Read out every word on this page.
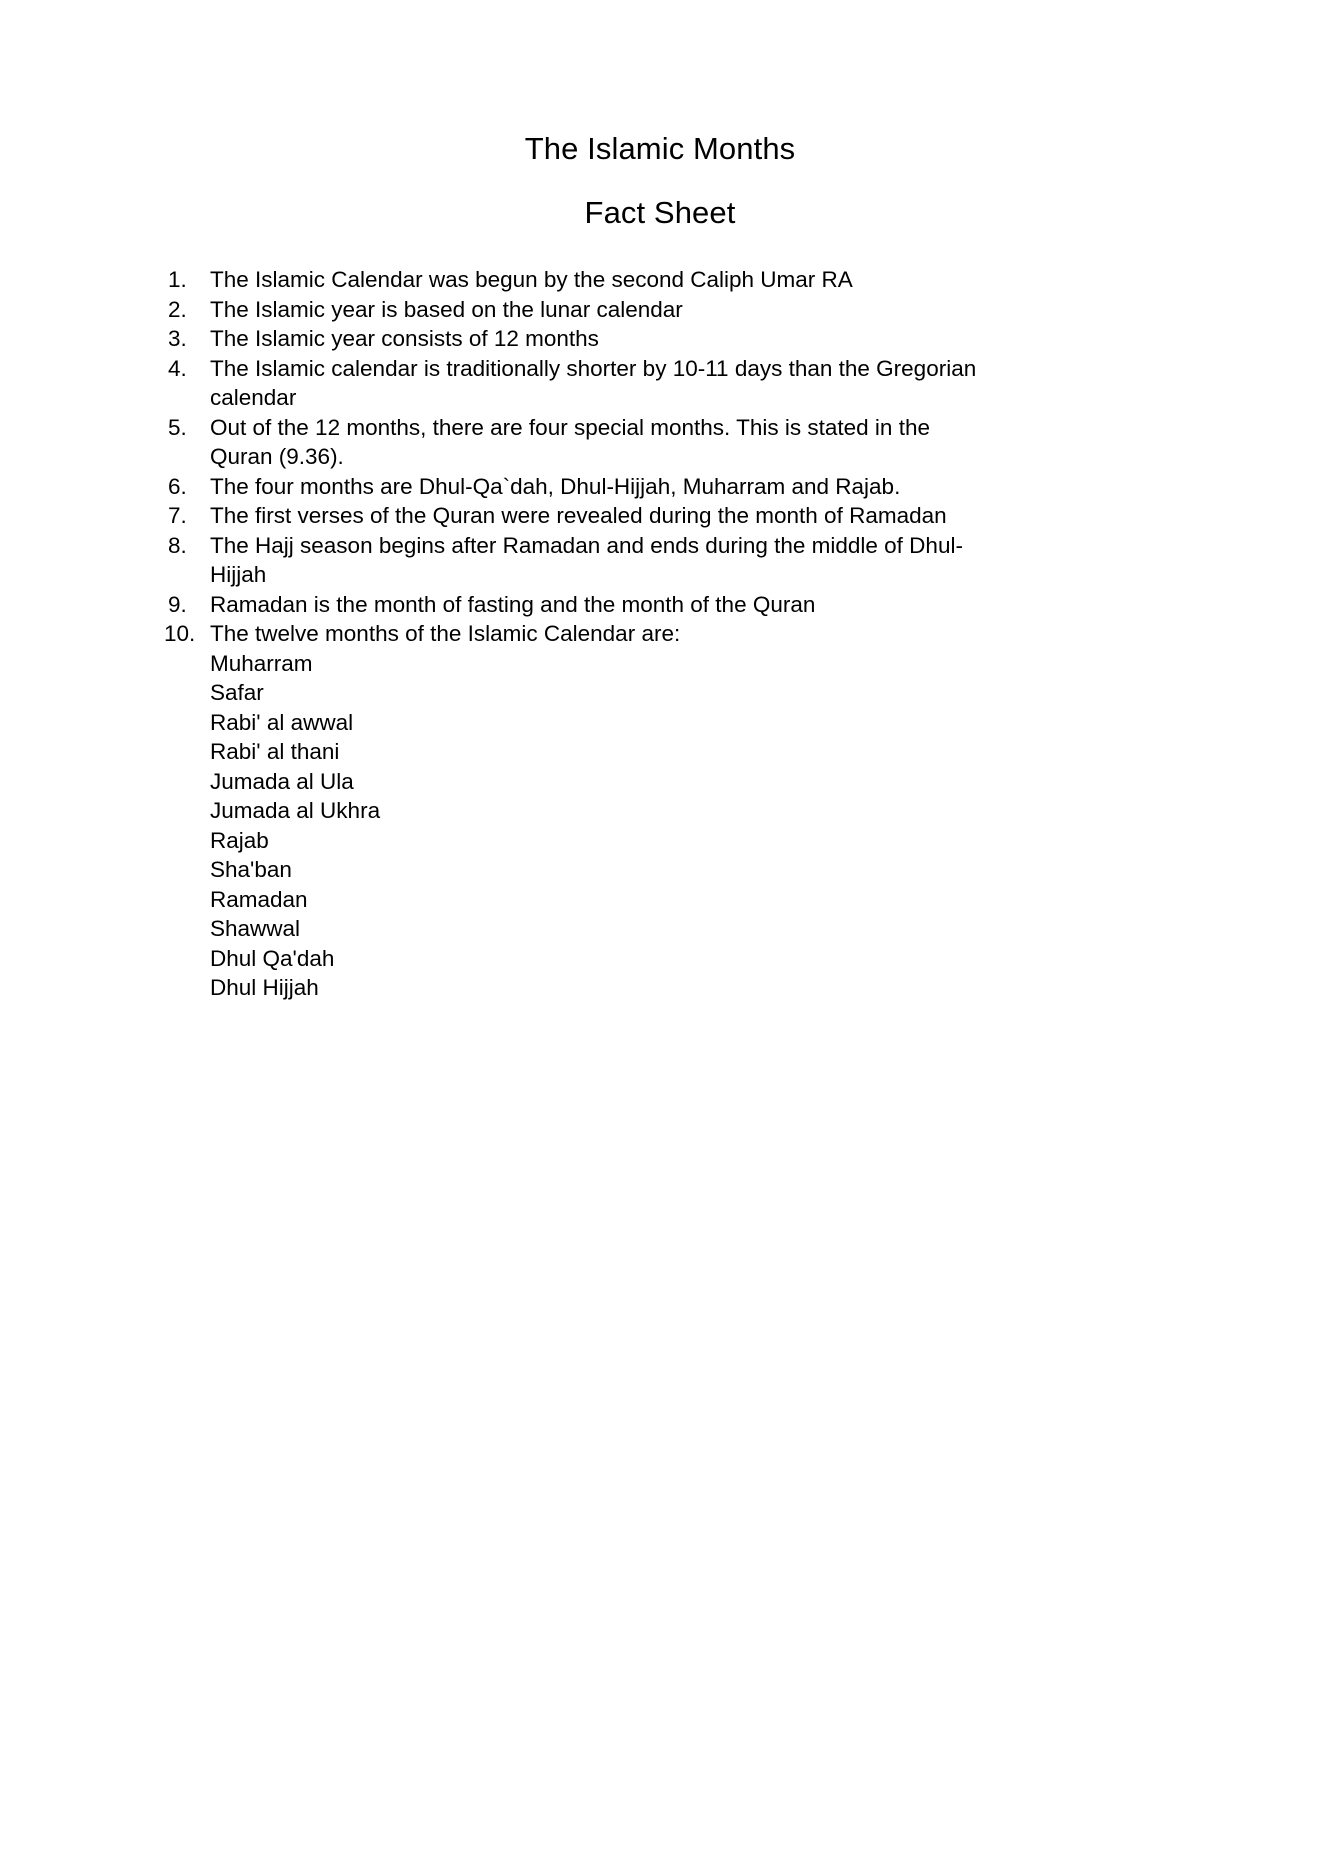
The Islamic Months
Fact Sheet
1.	The Islamic Calendar was begun by the second Caliph Umar RA
2.	The Islamic year is based on the lunar calendar
3.	The Islamic year consists of 12 months
4.	The Islamic calendar is traditionally shorter by 10-11 days than the Gregorian calendar
5.	Out of the 12 months, there are four special months. This is stated in the Quran (9.36).
6.	The four months are Dhul-Qa`dah, Dhul-Hijjah, Muharram and Rajab.
7.	The first verses of the Quran were revealed during the month of Ramadan
8.	The Hajj season begins after Ramadan and ends during the middle of Dhul-Hijjah
9.	Ramadan is the month of fasting and the month of the Quran
10. The twelve months of the Islamic Calendar are:
Muharram
Safar
Rabi' al awwal
Rabi' al thani
Jumada al Ula
Jumada al Ukhra
Rajab
Sha'ban
Ramadan
Shawwal
Dhul Qa'dah
Dhul Hijjah
